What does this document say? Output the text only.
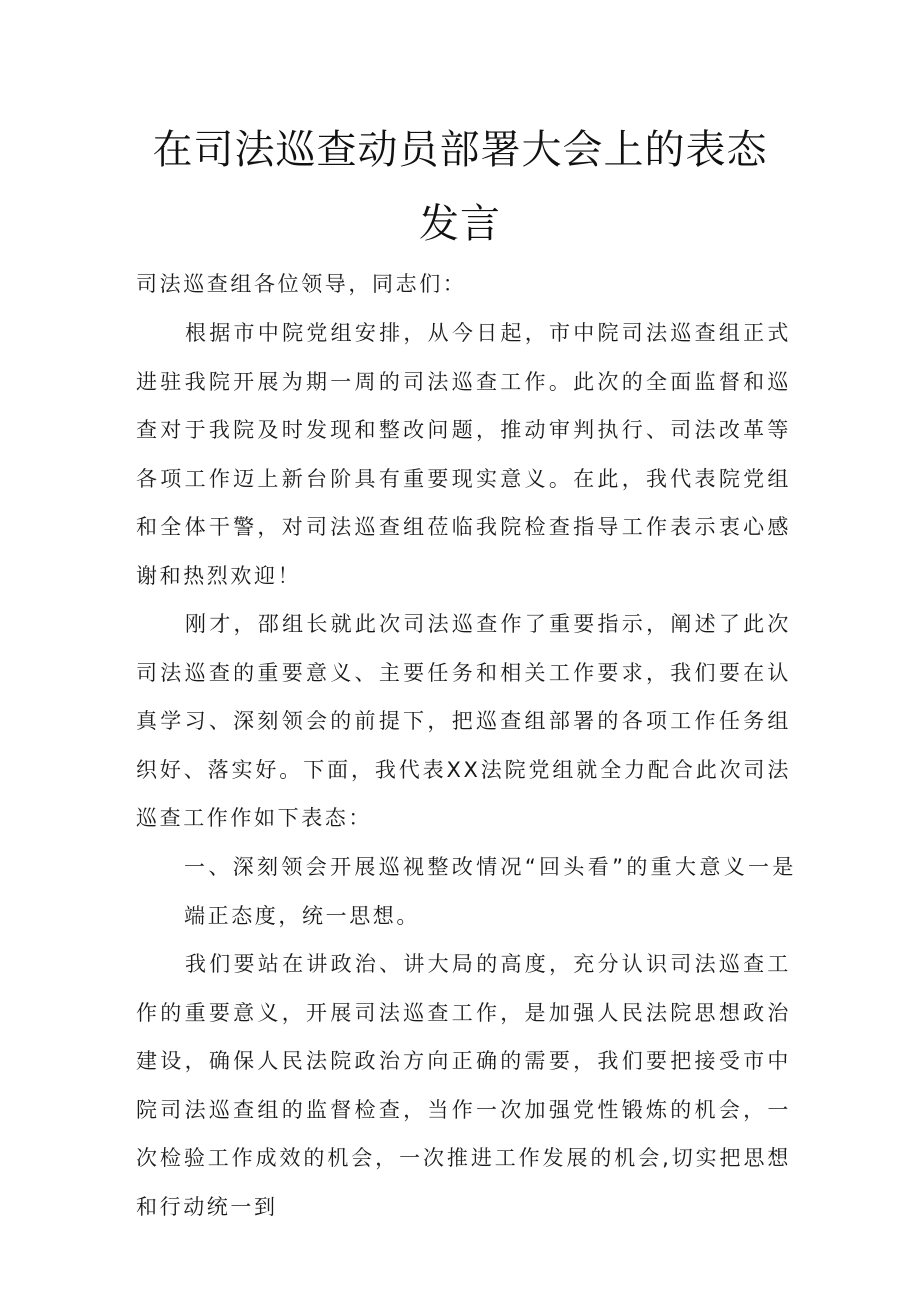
在司法巡查动员部署大会上的表态
发言
司法巡查组各位领导，同志们：
根据市中院党组安排，从今日起，市中院司法巡查组正式进驻我院开展为期一周的司法巡查工作。此次的全面监督和巡查对于我院及时发现和整改问题，推动审判执行、司法改革等各项工作迈上新台阶具有重要现实意义。在此，我代表院党组和全体干警，对司法巡查组莅临我院检查指导工作表示衷心感谢和热烈欢迎！
刚才，邵组长就此次司法巡查作了重要指示，阐述了此次司法巡查的重要意义、主要任务和相关工作要求，我们要在认真学习、深刻领会的前提下，把巡查组部署的各项工作任务组织好、落实好。下面，我代表XX法院党组就全力配合此次司法巡查工作作如下表态：
一、深刻领会开展巡视整改情况“回头看”的重大意义一是端正态度，统一思想。
我们要站在讲政治、讲大局的高度，充分认识司法巡查工作的重要意义，开展司法巡查工作，是加强人民法院思想政治建设，确保人民法院政治方向正确的需要，我们要把接受市中院司法巡查组的监督检查，当作一次加强党性锻炼的机会，一次检验工作成效的机会，一次推进工作发展的机会,切实把思想和行动统一到
